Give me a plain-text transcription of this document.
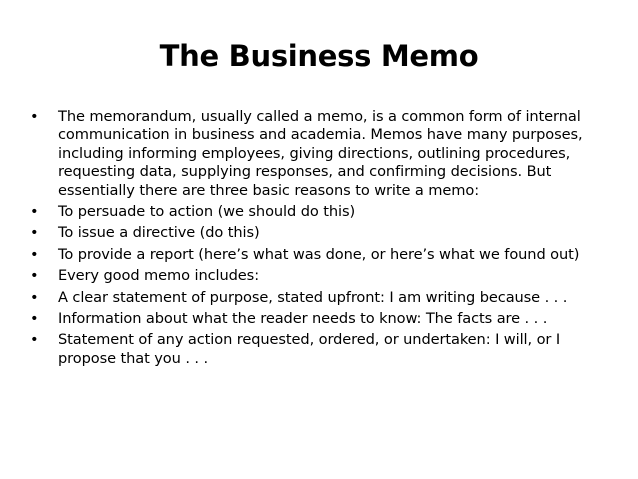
The Business Memo
• The memorandum, usually called a memo, is a common form of internal communication in business and academia. Memos have many purposes, including informing employees, giving directions, outlining procedures, requesting data, supplying responses, and confirming decisions. But essentially there are three basic reasons to write a memo:
• To persuade to action (we should do this)
• To issue a directive (do this)
• To provide a report (here’s what was done, or here’s what we found out)
• Every good memo includes:
• A clear statement of purpose, stated upfront: I am writing because . . .
• Information about what the reader needs to know: The facts are . . .
• Statement of any action requested, ordered, or undertaken: I will, or I propose that you . . .
